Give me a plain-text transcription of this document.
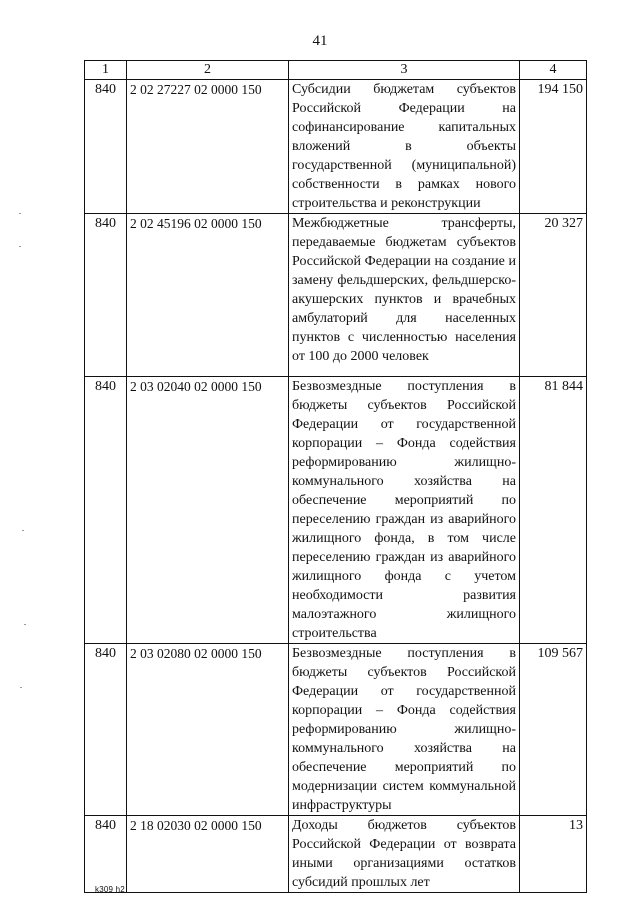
41
1	2	3	4
840	2 02 27227 02 0000 150	Субсидии бюджетам субъектов Российской Федерации на софинансирование капитальных вложений в объекты государственной (муниципальной) собственности в рамках нового строительства и реконструкции	194 150
840	2 02 45196 02 0000 150	Межбюджетные трансферты, передаваемые бюджетам субъектов Российской Федерации на создание и замену фельдшерских, фельдшерско-акушерских пунктов и врачебных амбулаторий для населенных пунктов с численностью населения от 100 до 2000 человек	20 327
840	2 03 02040 02 0000 150	Безвозмездные поступления в бюджеты субъектов Российской Федерации от государственной корпорации – Фонда содействия реформированию жилищно-коммунального хозяйства на обеспечение мероприятий по переселению граждан из аварийного жилищного фонда, в том числе переселению граждан из аварийного жилищного фонда с учетом необходимости развития малоэтажного жилищного строительства	81 844
840	2 03 02080 02 0000 150	Безвозмездные поступления в бюджеты субъектов Российской Федерации от государственной корпорации – Фонда содействия реформированию жилищно-коммунального хозяйства на обеспечение мероприятий по модернизации систем коммунальной инфраструктуры	109 567
840	2 18 02030 02 0000 150	Доходы бюджетов субъектов Российской Федерации от возврата иными организациями остатков субсидий прошлых лет	13
k309 h2
